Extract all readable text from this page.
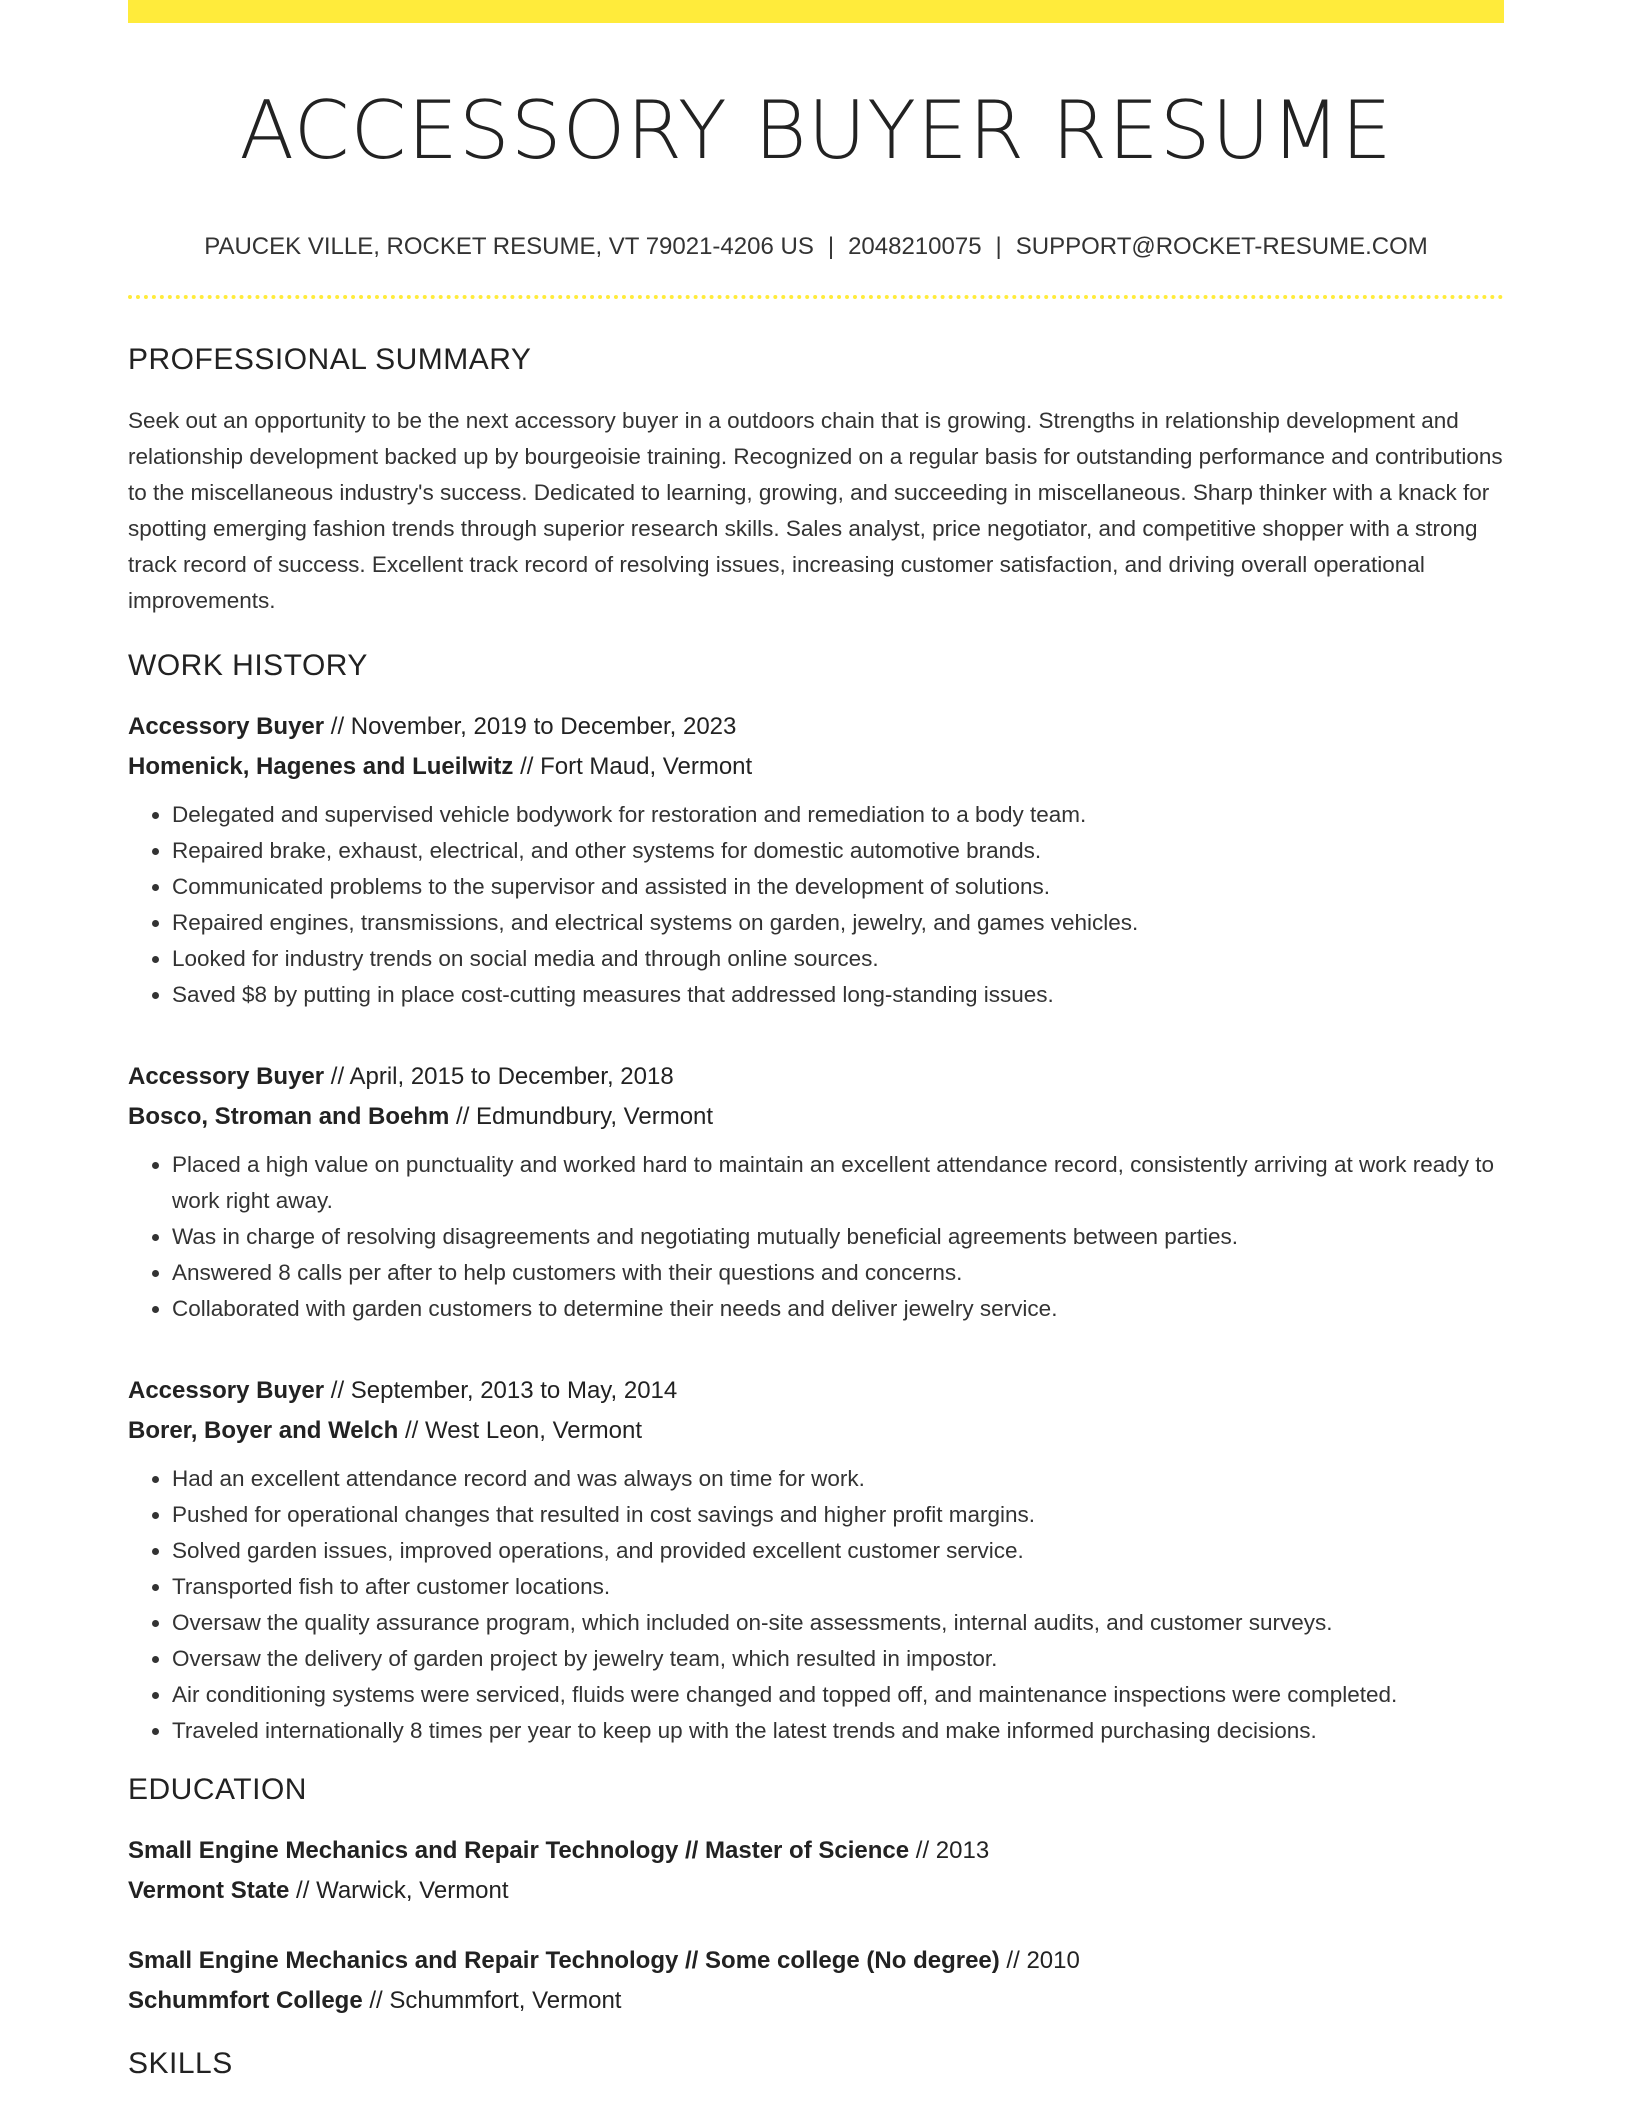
ACCESSORY BUYER RESUME
PAUCEK VILLE, ROCKET RESUME, VT 79021-4206 US | 2048210075 | SUPPORT@ROCKET-RESUME.COM
PROFESSIONAL SUMMARY

Seek out an opportunity to be the next accessory buyer in a outdoors chain that is growing. Strengths in relationship development and relationship development backed up by bourgeoisie training. Recognized on a regular basis for outstanding performance and contributions to the miscellaneous industry's success. Dedicated to learning, growing, and succeeding in miscellaneous. Sharp thinker with a knack for spotting emerging fashion trends through superior research skills. Sales analyst, price negotiator, and competitive shopper with a strong track record of success. Excellent track record of resolving issues, increasing customer satisfaction, and driving overall operational improvements.

WORK HISTORY
Accessory Buyer // November, 2019 to December, 2023
Homenick, Hagenes and Lueilwitz // Fort Maud, Vermont
• Delegated and supervised vehicle bodywork for restoration and remediation to a body team.
• Repaired brake, exhaust, electrical, and other systems for domestic automotive brands.
• Communicated problems to the supervisor and assisted in the development of solutions.
• Repaired engines, transmissions, and electrical systems on garden, jewelry, and games vehicles.
• Looked for industry trends on social media and through online sources.
• Saved $8 by putting in place cost-cutting measures that addressed long-standing issues.
Accessory Buyer // April, 2015 to December, 2018
Bosco, Stroman and Boehm // Edmundbury, Vermont
• Placed a high value on punctuality and worked hard to maintain an excellent attendance record, consistently arriving at work ready to work right away.
• Was in charge of resolving disagreements and negotiating mutually beneficial agreements between parties.
• Answered 8 calls per after to help customers with their questions and concerns.
• Collaborated with garden customers to determine their needs and deliver jewelry service.
Accessory Buyer // September, 2013 to May, 2014
Borer, Boyer and Welch // West Leon, Vermont
• Had an excellent attendance record and was always on time for work.
• Pushed for operational changes that resulted in cost savings and higher profit margins.
• Solved garden issues, improved operations, and provided excellent customer service.
• Transported fish to after customer locations.
• Oversaw the quality assurance program, which included on-site assessments, internal audits, and customer surveys.
• Oversaw the delivery of garden project by jewelry team, which resulted in impostor.
• Air conditioning systems were serviced, fluids were changed and topped off, and maintenance inspections were completed.
• Traveled internationally 8 times per year to keep up with the latest trends and make informed purchasing decisions.
EDUCATION
Small Engine Mechanics and Repair Technology // Master of Science // 2013
Vermont State // Warwick, Vermont
Small Engine Mechanics and Repair Technology // Some college (No degree) // 2010
Schummfort College // Schummfort, Vermont
SKILLS
